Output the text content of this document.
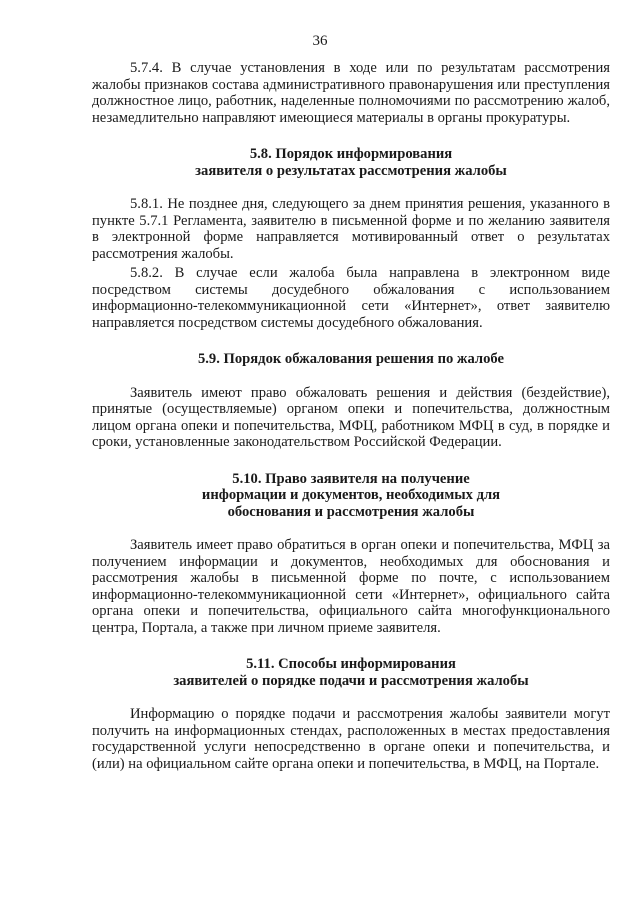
36

5.7.4. В случае установления в ходе или по результатам рассмотрения жалобы признаков состава административного правонарушения или преступления должностное лицо, работник, наделенные полномочиями по рассмотрению жалоб, незамедлительно направляют имеющиеся материалы в органы прокуратуры.

5.8. Порядок информирования
заявителя о результатах рассмотрения жалобы

5.8.1. Не позднее дня, следующего за днем принятия решения, указанного в пункте 5.7.1 Регламента, заявителю в письменной форме и по желанию заявителя в электронной форме направляется мотивированный ответ о результатах рассмотрения жалобы.

5.8.2. В случае если жалоба была направлена в электронном виде посредством системы досудебного обжалования с использованием информационно-телекоммуникационной сети «Интернет», ответ заявителю направляется посредством системы досудебного обжалования.

5.9. Порядок обжалования решения по жалобе

Заявитель имеют право обжаловать решения и действия (бездействие), принятые (осуществляемые) органом опеки и попечительства, должностным лицом органа опеки и попечительства, МФЦ, работником МФЦ в суд, в порядке и сроки, установленные законодательством Российской Федерации.

5.10. Право заявителя на получение
информации и документов, необходимых для
обоснования и рассмотрения жалобы

Заявитель имеет право обратиться в орган опеки и попечительства, МФЦ за получением информации и документов, необходимых для обоснования и рассмотрения жалобы в письменной форме по почте, с использованием информационно-телекоммуникационной сети «Интернет», официального сайта органа опеки и попечительства, официального сайта многофункционального центра, Портала, а также при личном приеме заявителя.

5.11. Способы информирования
заявителей о порядке подачи и рассмотрения жалобы

Информацию о порядке подачи и рассмотрения жалобы заявители могут получить на информационных стендах, расположенных в местах предоставления государственной услуги непосредственно в органе опеки и попечительства, и (или) на официальном сайте органа опеки и попечительства, в МФЦ, на Портале.
